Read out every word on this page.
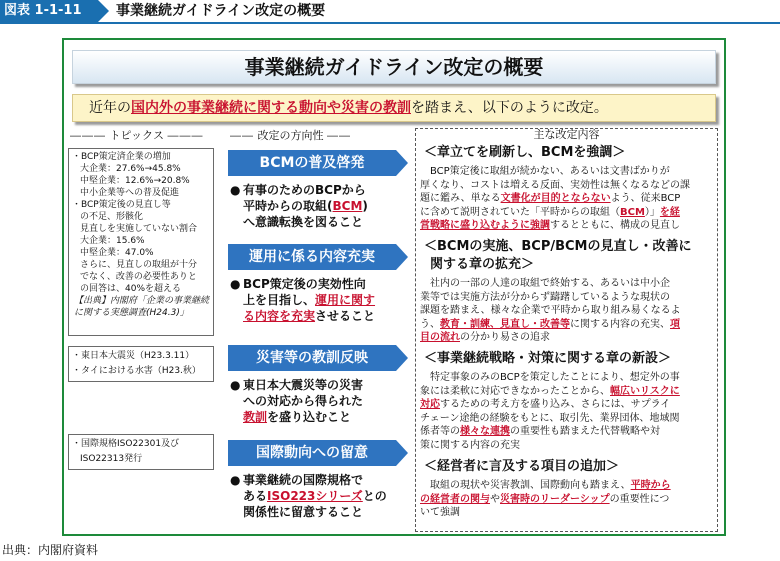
図表 1-1-11	事業継続ガイドライン改定の概要
事業継続ガイドライン改定の概要
近年の国内外の事業継続に関する動向や災害の教訓を踏まえ、以下のように改定。
――― トピックス ―――	―― 改定の方向性 ――
・BCP策定済企業の増加
大企業：27.6%→45.8%
中堅企業：12.6%→20.8%
中小企業等への普及促進
・BCP策定後の見直し等
の不足、形骸化
見直しを実施していない割合
大企業：15.6%
中堅企業：47.0%
さらに、見直しの取組が十分
でなく、改善の必要性ありと
の回答は、40%を超える
【出典】内閣府「企業の事業継続
に関する実態調査(H24.3)」
・東日本大震災（H23.3.11）
・タイにおける水害（H23.秋）
・国際規格ISO22301及び
ISO22313発行
BCMの普及啓発
● 有事のためのBCPから
平時からの取組(BCM)
へ意識転換を図ること
運用に係る内容充実
● BCP策定後の実効性向
上を目指し、運用に関す
る内容を充実させること
災害等の教訓反映
● 東日本大震災等の災害
への対応から得られた
教訓を盛り込むこと
国際動向への留意
● 事業継続の国際規格で
あるISO223シリーズとの
関係性に留意すること
主な改定内容
＜章立てを刷新し、BCMを強調＞
　BCP策定後に取組が続かない、あるいは文書ばかりが
厚くなり、コストは増える反面、実効性は無くなるなどの課
題に鑑み、単なる文書化が目的とならないよう、従来BCP
に含めて説明されていた「平時からの取組（BCM）」を経
営戦略に盛り込むように強調するとともに、構成の見直し
＜BCMの実施、BCP/BCMの見直し・改善に
関する章の拡充＞
　社内の一部の人達の取組で終始する、あるいは中小企
業等では実施方法が分からず躊躇しているような現状の
課題を踏まえ、様々な企業で平時から取り組み易くなるよ
う、教育・訓練、見直し・改善等に関する内容の充実、項
目の流れの分かり易さの追求
＜事業継続戦略・対策に関する章の新設＞
　特定事象のみのBCPを策定したことにより、想定外の事
象には柔軟に対応できなかったことから、幅広いリスクに
対応するための考え方を盛り込み、さらには、サプライ
チェーン途絶の経験をもとに、取引先、業界団体、地域関
係者等の様々な連携の重要性も踏まえた代替戦略や対
策に関する内容の充実
＜経営者に言及する項目の追加＞
　取組の現状や災害教訓、国際動向も踏まえ、平時から
の経営者の関与や災害時のリーダーシップの重要性につ
いて強調
出典：内閣府資料
